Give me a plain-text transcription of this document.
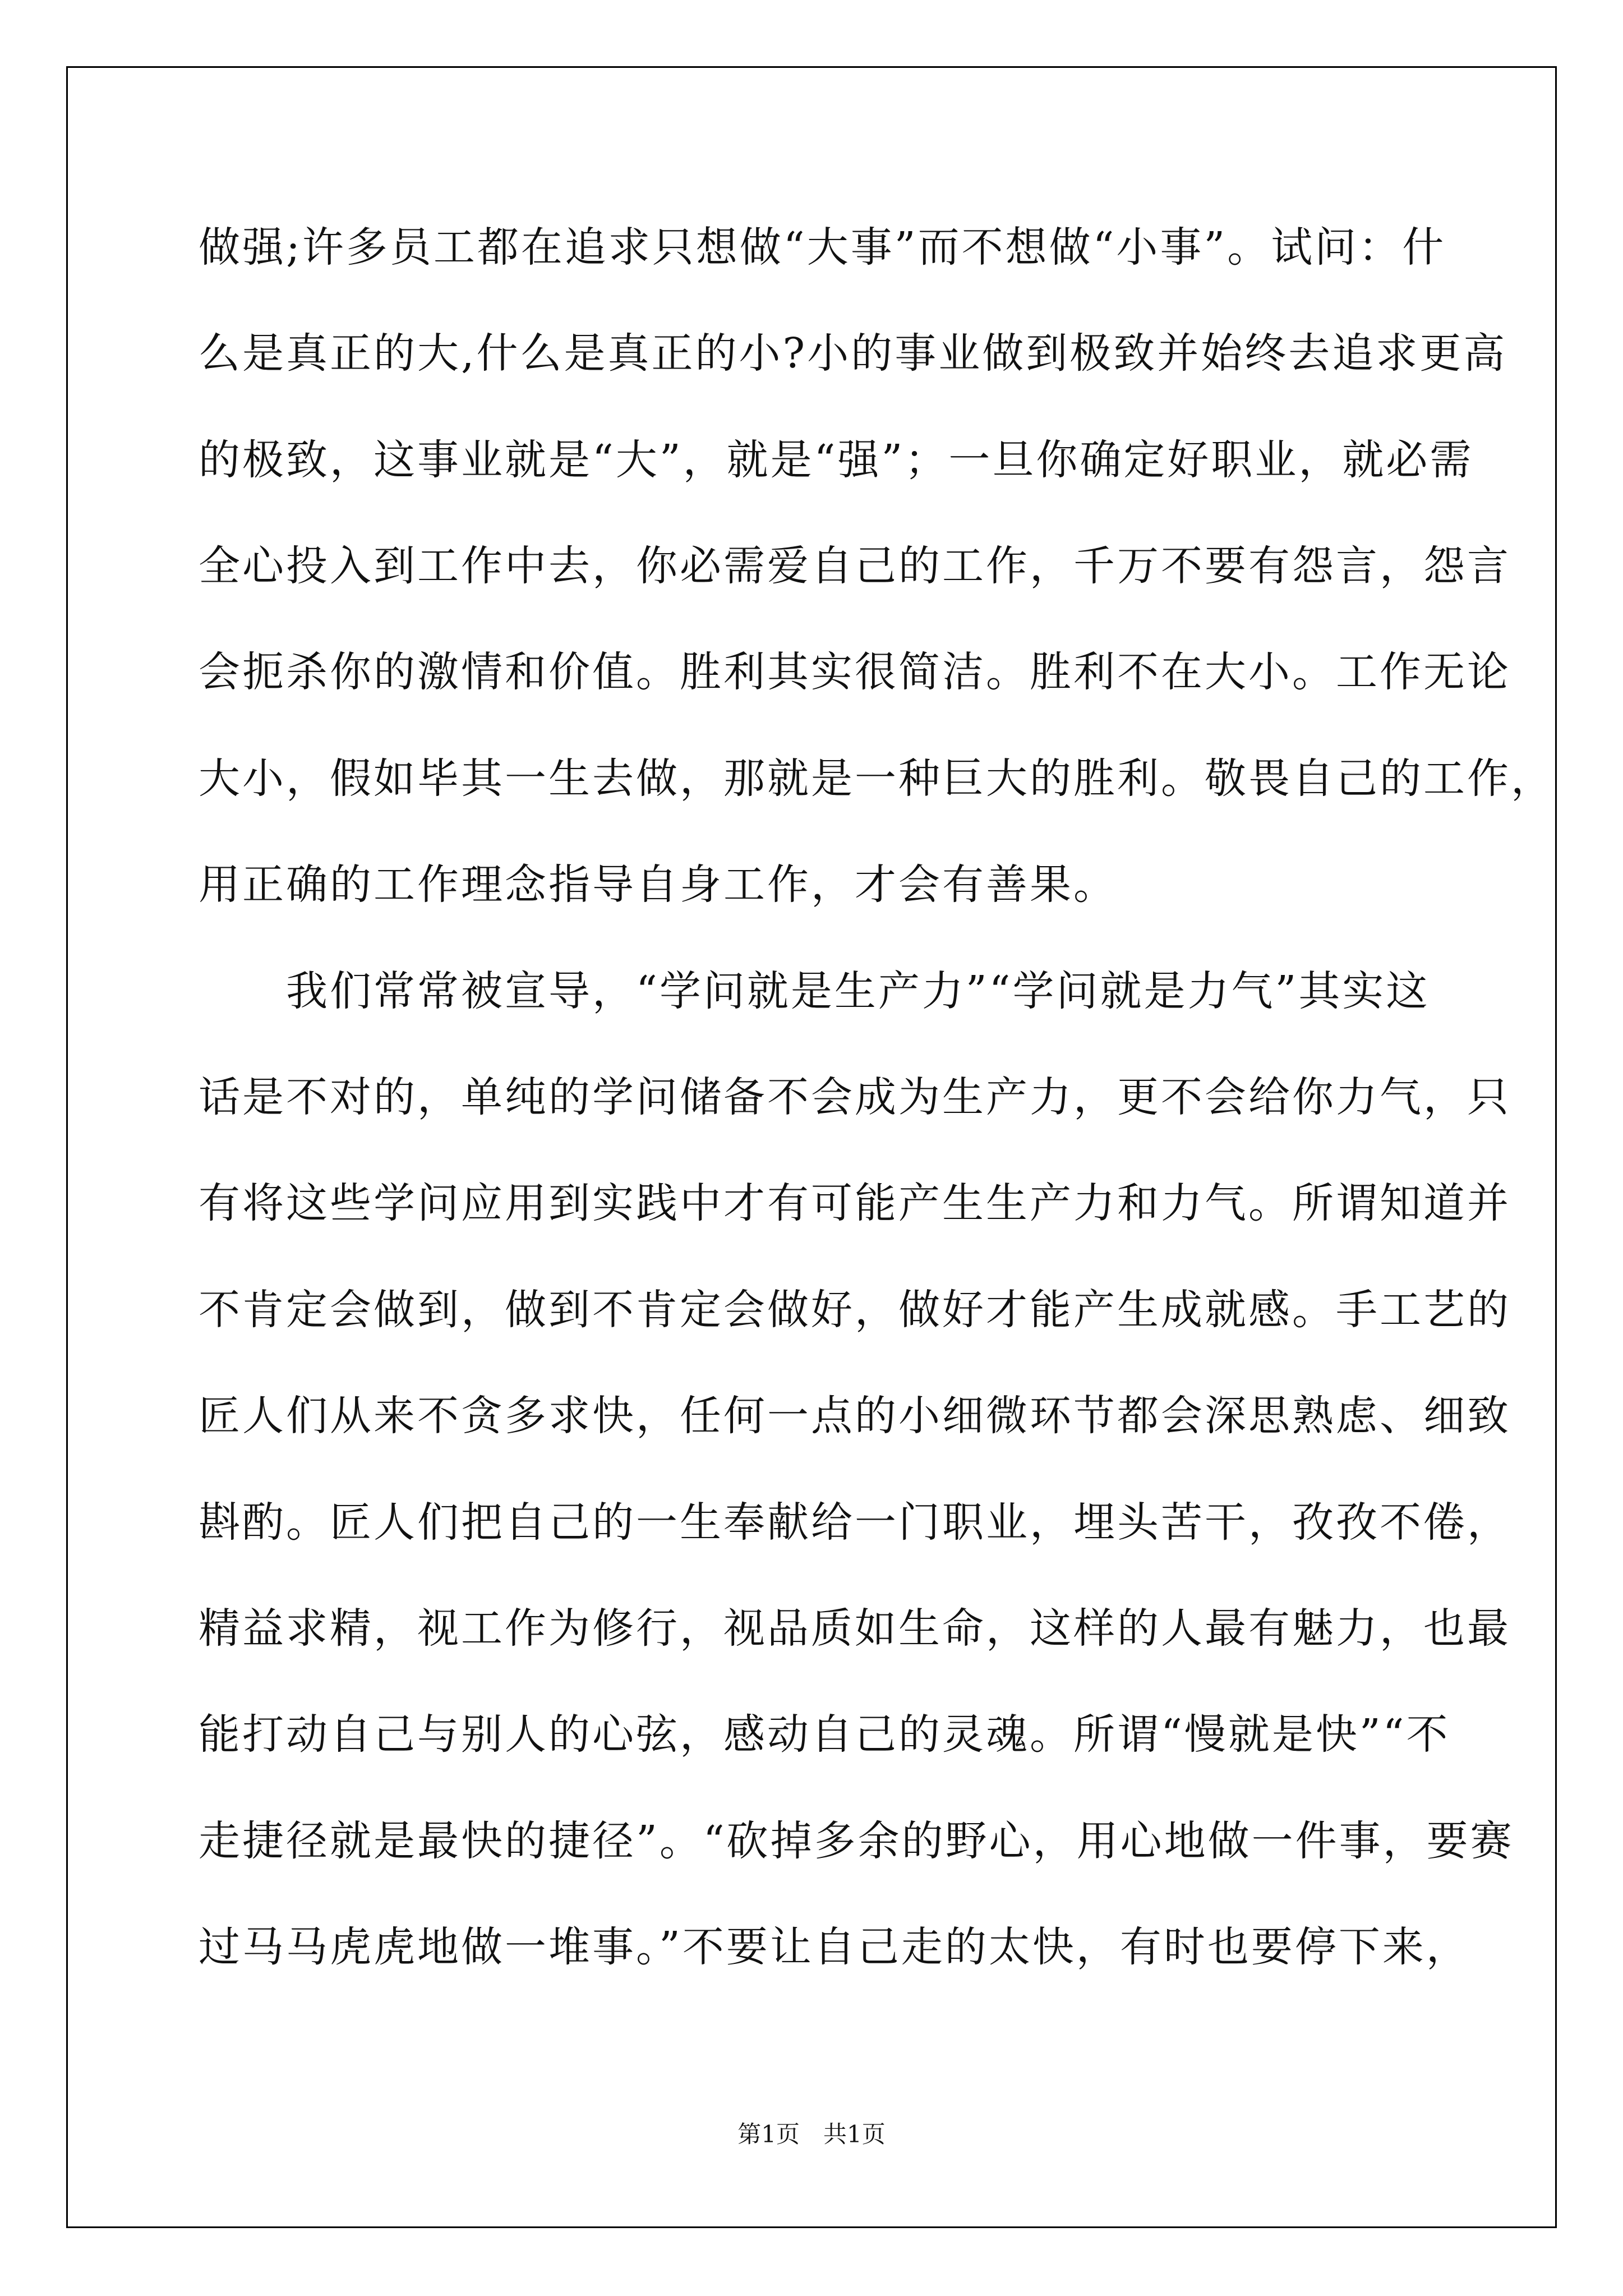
做强;许多员工都在追求只想做“大事”而不想做“小事”。试问：什
么是真正的大,什么是真正的小?小的事业做到极致并始终去追求更高
的极致，这事业就是“大”，就是“强”；一旦你确定好职业，就必需
全心投入到工作中去，你必需爱自己的工作，千万不要有怨言，怨言
会扼杀你的激情和价值。胜利其实很简洁。胜利不在大小。工作无论
大小，假如毕其一生去做，那就是一种巨大的胜利。敬畏自己的工作，
用正确的工作理念指导自身工作，才会有善果。
　　我们常常被宣导，“学问就是生产力”“学问就是力气”其实这
话是不对的，单纯的学问储备不会成为生产力，更不会给你力气，只
有将这些学问应用到实践中才有可能产生生产力和力气。所谓知道并
不肯定会做到，做到不肯定会做好，做好才能产生成就感。手工艺的
匠人们从来不贪多求快，任何一点的小细微环节都会深思熟虑、细致
斟酌。匠人们把自己的一生奉献给一门职业，埋头苦干，孜孜不倦，
精益求精，视工作为修行，视品质如生命，这样的人最有魅力，也最
能打动自己与别人的心弦，感动自己的灵魂。所谓“慢就是快”“不
走捷径就是最快的捷径”。“砍掉多余的野心，用心地做一件事，要赛
过马马虎虎地做一堆事。”不要让自己走的太快，有时也要停下来，
第1页　共1页
